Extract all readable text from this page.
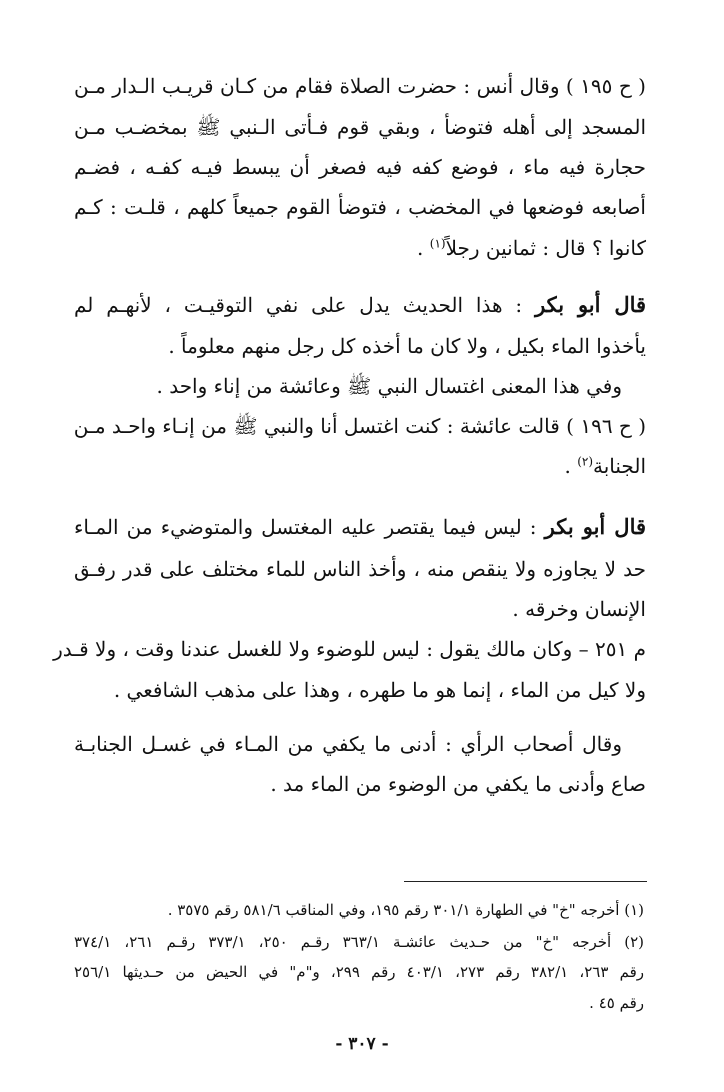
( ح ١٩٥ ) وقال أنس : حضرت الصلاة فقام من كـان قريـب الـدار مـن
المسجد إلى أهله فتوضأ ، وبقي قوم فـأتى الـنبي ﷺ بمخضـب مـن
حجارة فيه ماء ، فوضع كفه فيه فصغر أن يبسط فيـه كفـه ، فضـم
أصابعه فوضعها في المخضب ، فتوضأ القوم جميعاً كلهم ، قلـت : كـم
كانوا ؟ قال : ثمانين رجلاً$^{(١)}$ .
قال أبو بكر : هذا الحديث يدل على نفي التوقيـت ، لأنهـم لم
يأخذوا الماء بكيل ، ولا كان ما أخذه كل رجل منهم معلوماً .
وفي هذا المعنى اغتسال النبي ﷺ وعائشة من إناء واحد .
( ح ١٩٦ ) قالت عائشة : كنت اغتسل أنا والنبي ﷺ من إنـاء واحـد مـن
الجنابة$^{(٢)}$ .
قال أبو بكر : ليس فيما يقتصر عليه المغتسل والمتوضيء من المـاء
حد لا يجاوزه ولا ينقص منه ، وأخذ الناس للماء مختلف على قدر رفـق
الإنسان وخرقه .
م ٢٥١ – وكان مالك يقول : ليس للوضوء ولا للغسل عندنا وقت ، ولا قـدر
ولا كيل من الماء ، إنما هو ما طهره ، وهذا على مذهب الشافعي .
وقال أصحاب الرأي : أدنى ما يكفي من المـاء في غسـل الجنابـة
صاع وأدنى ما يكفي من الوضوء من الماء مد .
(١) أخرجه "خ" في الطهارة ٣٠١/١ رقم ١٩٥، وفي المناقب ٥٨١/٦ رقم ٣٥٧٥ .
(٢) أخرجه "خ" من حـديث عائشـة ٣٦٣/١ رقـم ٢٥٠، ٣٧٣/١ رقـم ٢٦١، ٣٧٤/١
رقم ٢٦٣، ٣٨٢/١ رقم ٢٧٣، ٤٠٣/١ رقم ٢٩٩، و"م" في الحيض من حـديثها ٢٥٦/١
رقم ٤٥ .
- ٣٠٧ -
